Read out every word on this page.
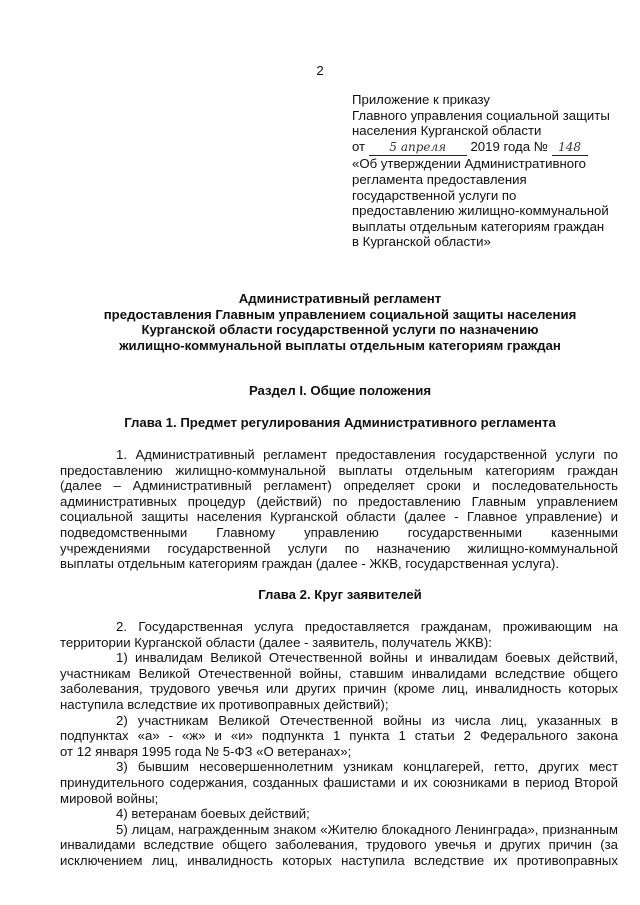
2
Приложение к приказу
Главного управления социальной защиты
населения Курганской области
от 5 апреля 2019 года № 148
«Об утверждении Административного
регламента предоставления
государственной услуги по
предоставлению жилищно-коммунальной
выплаты отдельным категориям граждан
в Курганской области»
Административный регламент
предоставления Главным управлением социальной защиты населения
Курганской области государственной услуги по назначению
жилищно-коммунальной выплаты отдельным категориям граждан
Раздел I. Общие положения
Глава 1. Предмет регулирования Административного регламента
1. Административный регламент предоставления государственной услуги по
предоставлению жилищно-коммунальной выплаты отдельным категориям граждан
(далее – Административный регламент) определяет сроки и последовательность
административных процедур (действий) по предоставлению Главным управлением
социальной защиты населения Курганской области (далее - Главное управление) и
подведомственными Главному управлению государственными казенными
учреждениями государственной услуги по назначению жилищно-коммунальной
выплаты отдельным категориям граждан (далее - ЖКВ, государственная услуга).
Глава 2. Круг заявителей
2. Государственная услуга предоставляется гражданам, проживающим на
территории Курганской области (далее - заявитель, получатель ЖКВ):
1) инвалидам Великой Отечественной войны и инвалидам боевых действий,
участникам Великой Отечественной войны, ставшим инвалидами вследствие общего
заболевания, трудового увечья или других причин (кроме лиц, инвалидность которых
наступила вследствие их противоправных действий);
2) участникам Великой Отечественной войны из числа лиц, указанных в
подпунктах «а» - «ж» и «и» подпункта 1 пункта 1 статьи 2 Федерального закона
от 12 января 1995 года № 5-ФЗ «О ветеранах»;
3) бывшим несовершеннолетним узникам концлагерей, гетто, других мест
принудительного содержания, созданных фашистами и их союзниками в период Второй
мировой войны;
4) ветеранам боевых действий;
5) лицам, награжденным знаком «Жителю блокадного Ленинграда», признанным
инвалидами вследствие общего заболевания, трудового увечья и других причин (за
исключением лиц, инвалидность которых наступила вследствие их противоправных
